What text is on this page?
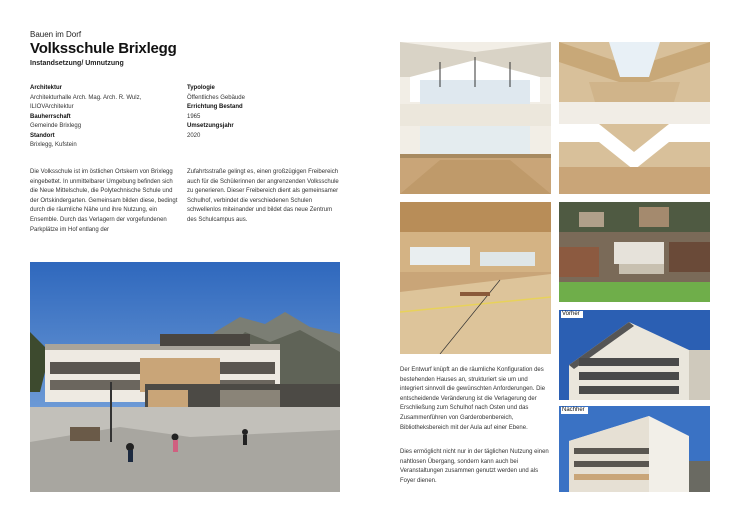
Bauen im Dorf
Volksschule Brixlegg
Instandsetzung/ Umnutzung
Architektur
Architekturhalle Arch. Mag. Arch. R. Wulz,
ILIOVArchitektur
Bauherrschaft
Gemeinde Brixlegg
Standort
Brixlegg, Kufstein
Typologie
Öffentliches Gebäude
Errichtung Bestand
1965
Umsetzungsjahr
2020
Die Volksschule ist im östlichen Ortskern von Brixlegg eingebettet. In unmittelbarer Umgebung befinden sich die Neue Mittelschule, die Polytechnische Schule und der Ortskindergarten. Gemeinsam bilden diese, bedingt durch die räumliche Nähe und ihre Nutzung, ein Ensemble. Durch das Verlagern der vorgefundenen Parkplätze im Hof entlang der
Zufahrtsstraße gelingt es, einen großzügigen Freibereich auch für die Schülerinnen der angrenzenden Volksschule zu generieren. Dieser Freibereich dient als gemeinsamer Schulhof, verbindet die verschiedenen Schulen schwellenlos miteinander und bildet das neue Zentrum des Schulcampus aus.
Vorher
Nachher
Der Entwurf knüpft an die räumliche Konfiguration des bestehenden Hauses an, strukturiert sie um und integriert sinnvoll die gewünschten Anforderungen. Die entscheidende Veränderung ist die Verlagerung der Erschließung zum Schulhof nach Osten und das Zusammenführen von Garderobenbereich, Bibliotheksbereich mit der Aula auf einer Ebene.
Dies ermöglicht nicht nur in der täglichen Nutzung einen nahtlosen Übergang, sondern kann auch bei Veranstaltungen zusammen genutzt werden und als Foyer dienen.
